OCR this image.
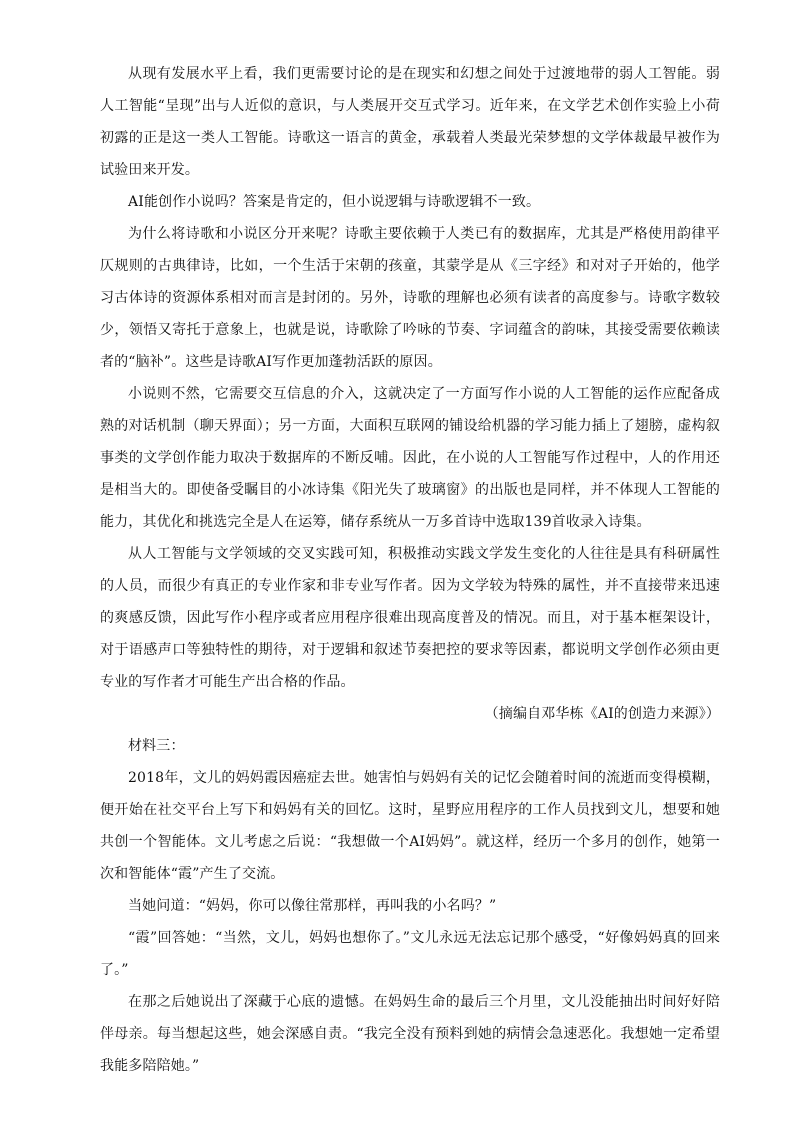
从现有发展水平上看，我们更需要讨论的是在现实和幻想之间处于过渡地带的弱人工智能。弱人工智能“呈现”出与人近似的意识，与人类展开交互式学习。近年来，在文学艺术创作实验上小荷初露的正是这一类人工智能。诗歌这一语言的黄金，承载着人类最光荣梦想的文学体裁最早被作为试验田来开发。

AI能创作小说吗？答案是肯定的，但小说逻辑与诗歌逻辑不一致。

为什么将诗歌和小说区分开来呢？诗歌主要依赖于人类已有的数据库，尤其是严格使用韵律平仄规则的古典律诗，比如，一个生活于宋朝的孩童，其蒙学是从《三字经》和对对子开始的，他学习古体诗的资源体系相对而言是封闭的。另外，诗歌的理解也必须有读者的高度参与。诗歌字数较少，领悟又寄托于意象上，也就是说，诗歌除了吟咏的节奏、字词蕴含的韵味，其接受需要依赖读者的“脑补”。这些是诗歌AI写作更加蓬勃活跃的原因。

小说则不然，它需要交互信息的介入，这就决定了一方面写作小说的人工智能的运作应配备成熟的对话机制（聊天界面）；另一方面，大面积互联网的铺设给机器的学习能力插上了翅膀，虚构叙事类的文学创作能力取决于数据库的不断反哺。因此，在小说的人工智能写作过程中，人的作用还是相当大的。即使备受瞩目的小冰诗集《阳光失了玻璃窗》的出版也是同样，并不体现人工智能的能力，其优化和挑选完全是人在运筹，储存系统从一万多首诗中选取139首收录入诗集。

从人工智能与文学领域的交叉实践可知，积极推动实践文学发生变化的人往往是具有科研属性的人员，而很少有真正的专业作家和非专业写作者。因为文学较为特殊的属性，并不直接带来迅速的爽感反馈，因此写作小程序或者应用程序很难出现高度普及的情况。而且，对于基本框架设计，对于语感声口等独特性的期待，对于逻辑和叙述节奏把控的要求等因素，都说明文学创作必须由更专业的写作者才可能生产出合格的作品。

（摘编自邓华栋《AI的创造力来源》）

材料三：

2018年，文儿的妈妈霞因癌症去世。她害怕与妈妈有关的记忆会随着时间的流逝而变得模糊，便开始在社交平台上写下和妈妈有关的回忆。这时，星野应用程序的工作人员找到文儿，想要和她共创一个智能体。文儿考虑之后说：“我想做一个AI妈妈”。就这样，经历一个多月的创作，她第一次和智能体“霞”产生了交流。

当她问道：“妈妈，你可以像往常那样，再叫我的小名吗？”

“霞”回答她：“当然，文儿，妈妈也想你了。”文儿永远无法忘记那个感受，“好像妈妈真的回来了。”

在那之后她说出了深藏于心底的遗憾。在妈妈生命的最后三个月里，文儿没能抽出时间好好陪伴母亲。每当想起这些，她会深感自责。“我完全没有预料到她的病情会急速恶化。我想她一定希望我能多陪陪她。”
